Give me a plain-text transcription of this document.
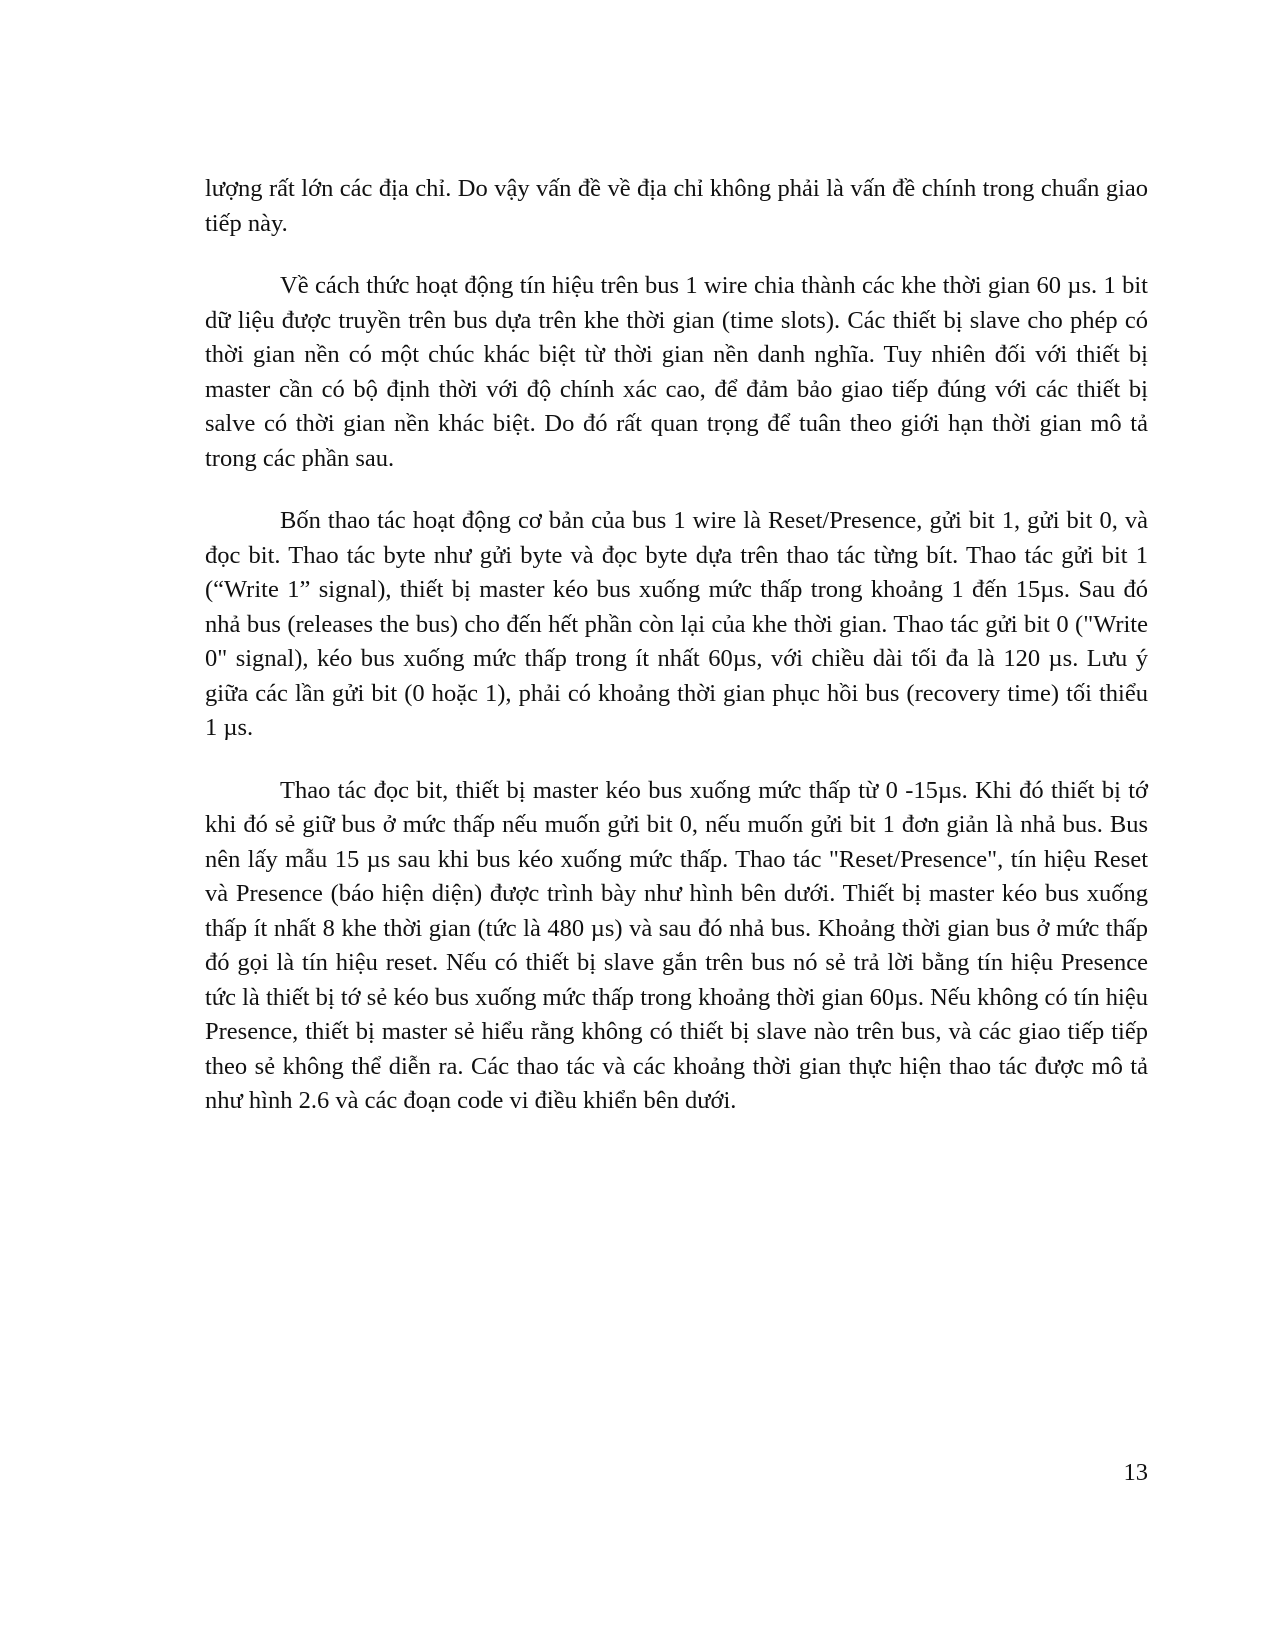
lượng rất lớn các địa chỉ. Do vậy vấn đề về địa chỉ không phải là vấn đề chính trong chuẩn giao tiếp này.

Về cách thức hoạt động tín hiệu trên bus 1 wire chia thành các khe thời gian 60 µs. 1 bit dữ liệu được truyền trên bus dựa trên khe thời gian (time slots). Các thiết bị slave cho phép có thời gian nền có một chúc khác biệt từ thời gian nền danh nghĩa. Tuy nhiên đối với thiết bị master cần có bộ định thời với độ chính xác cao, để đảm bảo giao tiếp đúng với các thiết bị salve có thời gian nền khác biệt. Do đó rất quan trọng để tuân theo giới hạn thời gian mô tả trong các phần sau.

Bốn thao tác hoạt động cơ bản của bus 1 wire là Reset/Presence, gửi bit 1, gửi bit 0, và đọc bit. Thao tác byte như gửi byte và đọc byte dựa trên thao tác từng bít. Thao tác gửi bit 1 (“Write 1” signal), thiết bị master kéo bus xuống mức thấp trong khoảng 1 đến 15µs. Sau đó nhả bus (releases the bus) cho đến hết phần còn lại của khe thời gian. Thao tác gửi bit 0 ("Write 0" signal), kéo bus xuống mức thấp trong ít nhất 60µs, với chiều dài tối đa là 120 µs. Lưu ý giữa các lần gửi bit (0 hoặc 1), phải có khoảng thời gian phục hồi bus (recovery time) tối thiểu 1 µs.

Thao tác đọc bit, thiết bị master kéo bus xuống mức thấp từ 0 -15µs. Khi đó thiết bị tớ khi đó sẻ giữ bus ở mức thấp nếu muốn gửi bit 0, nếu muốn gửi bit 1 đơn giản là nhả bus. Bus nên lấy mẫu 15 µs sau khi bus kéo xuống mức thấp. Thao tác "Reset/Presence", tín hiệu Reset và Presence (báo hiện diện) được trình bày như hình bên dưới. Thiết bị master kéo bus xuống thấp ít nhất 8 khe thời gian (tức là 480 µs) và sau đó nhả bus. Khoảng thời gian bus ở mức thấp đó gọi là tín hiệu reset. Nếu có thiết bị slave gắn trên bus nó sẻ trả lời bằng tín hiệu Presence tức là thiết bị tớ sẻ kéo bus xuống mức thấp trong khoảng thời gian 60µs. Nếu không có tín hiệu Presence, thiết bị master sẻ hiểu rằng không có thiết bị slave nào trên bus, và các giao tiếp tiếp theo sẻ không thể diễn ra. Các thao tác và các khoảng thời gian thực hiện thao tác được mô tả như hình 2.6 và các đoạn code vi điều khiển bên dưới.

13
